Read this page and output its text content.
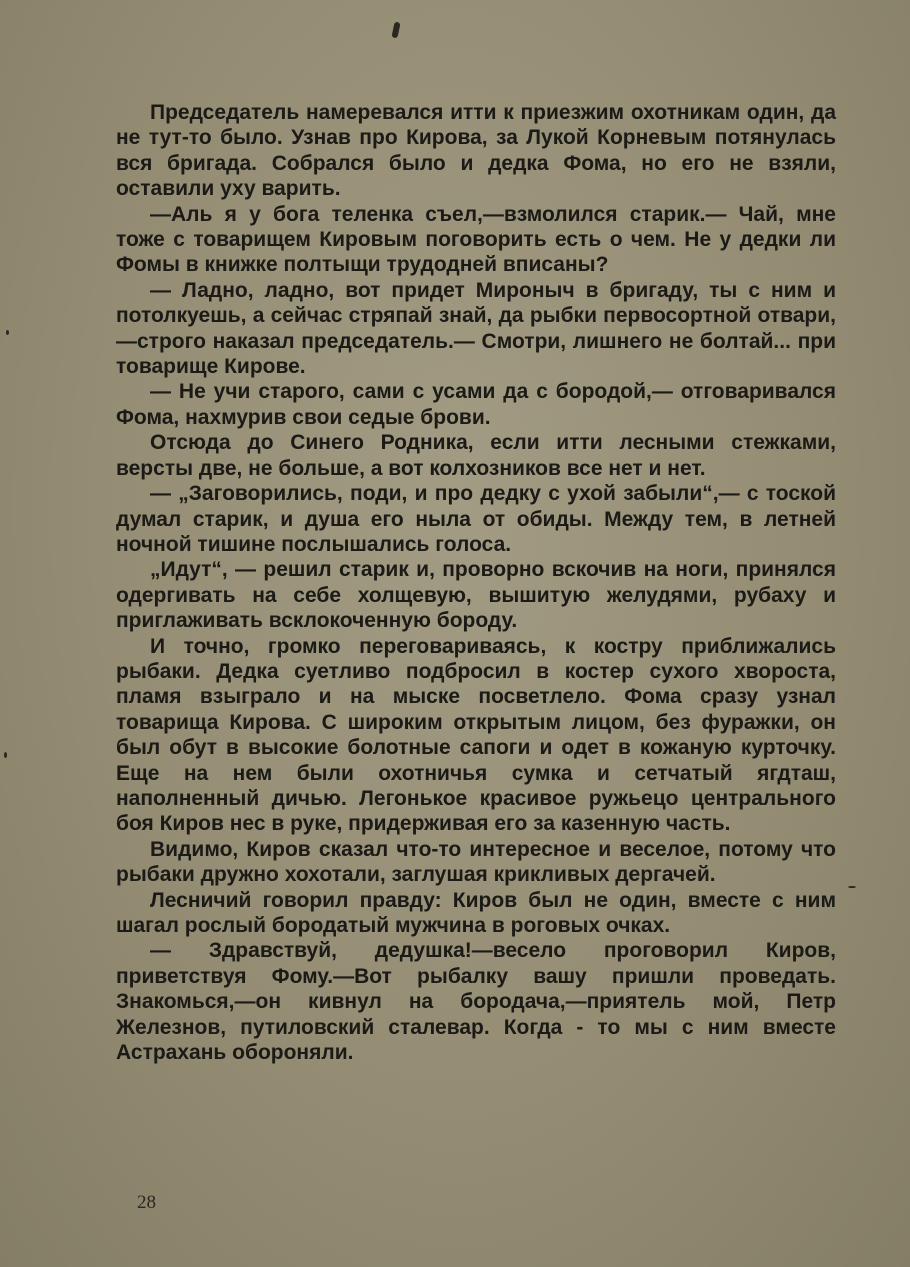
Председатель намеревался итти к приезжим охотникам один, да не тут-то было. Узнав про Кирова, за Лукой Корневым потянулась вся бригада. Собрался было и дедка Фома, но его не взяли, оставили уху варить.

—Аль я у бога теленка съел,—взмолился старик.— Чай, мне тоже с товарищем Кировым поговорить есть о чем. Не у дедки ли Фомы в книжке полтыщи трудодней вписаны?

— Ладно, ладно, вот придет Мироныч в бригаду, ты с ним и потолкуешь, а сейчас стряпай знай, да рыбки первосортной отвари,—строго наказал председатель.— Смотри, лишнего не болтай... при товарище Кирове.

— Не учи старого, сами с усами да с бородой,— отговаривался Фома, нахмурив свои седые брови.

Отсюда до Синего Родника, если итти лесными стежками, версты две, не больше, а вот колхозников все нет и нет.

— „Заговорились, поди, и про дедку с ухой забыли“,— с тоской думал старик, и душа его ныла от обиды. Между тем, в летней ночной тишине послышались голоса.

„Идут“, — решил старик и, проворно вскочив на ноги, принялся одергивать на себе холщевую, вышитую желудями, рубаху и приглаживать всклокоченную бороду.

И точно, громко переговариваясь, к костру приближались рыбаки. Дедка суетливо подбросил в костер сухого хвороста, пламя взыграло и на мыске посветлело. Фома сразу узнал товарища Кирова. С широким открытым лицом, без фуражки, он был обут в высокие болотные сапоги и одет в кожаную курточку. Еще на нем были охотничья сумка и сетчатый ягдташ, наполненный дичью. Легонькое красивое ружьецо центрального боя Киров нес в руке, придерживая его за казенную часть.

Видимо, Киров сказал что-то интересное и веселое, потому что рыбаки дружно хохотали, заглушая крикливых дергачей.

Лесничий говорил правду: Киров был не один, вместе с ним шагал рослый бородатый мужчина в роговых очках.

— Здравствуй, дедушка!—весело проговорил Киров, приветствуя Фому.—Вот рыбалку вашу пришли проведать. Знакомься,—он кивнул на бородача,—приятель мой, Петр Железнов, путиловский сталевар. Когда - то мы с ним вместе Астрахань обороняли.

28
